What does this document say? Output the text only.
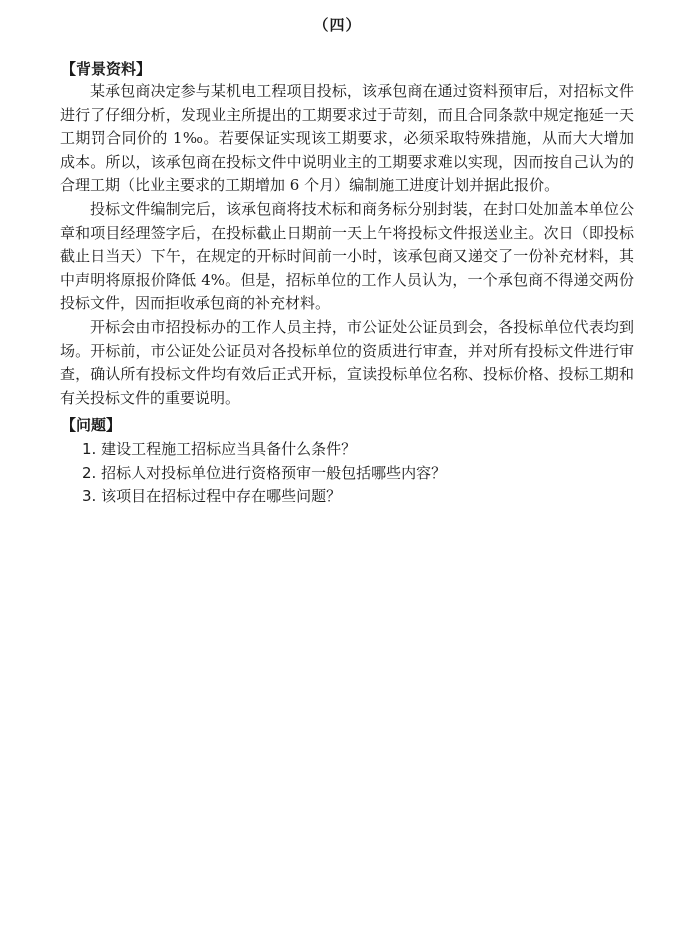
（四）
【背景资料】

某承包商决定参与某机电工程项目投标，该承包商在通过资料预审后，对招标文件进行了仔细分析，发现业主所提出的工期要求过于苛刻，而且合同条款中规定拖延一天工期罚合同价的 1‰。若要保证实现该工期要求，必须采取特殊措施，从而大大增加成本。所以，该承包商在投标文件中说明业主的工期要求难以实现，因而按自己认为的合理工期（比业主要求的工期增加 6 个月）编制施工进度计划并据此报价。

投标文件编制完后，该承包商将技术标和商务标分别封装，在封口处加盖本单位公章和项目经理签字后，在投标截止日期前一天上午将投标文件报送业主。次日（即投标截止日当天）下午，在规定的开标时间前一小时，该承包商又递交了一份补充材料，其中声明将原报价降低 4%。但是，招标单位的工作人员认为，一个承包商不得递交两份投标文件，因而拒收承包商的补充材料。

开标会由市招投标办的工作人员主持，市公证处公证员到会，各投标单位代表均到场。开标前，市公证处公证员对各投标单位的资质进行审查，并对所有投标文件进行审查，确认所有投标文件均有效后正式开标，宣读投标单位名称、投标价格、投标工期和有关投标文件的重要说明。

【问题】
1. 建设工程施工招标应当具备什么条件？
2. 招标人对投标单位进行资格预审一般包括哪些内容？
3. 该项目在招标过程中存在哪些问题？
